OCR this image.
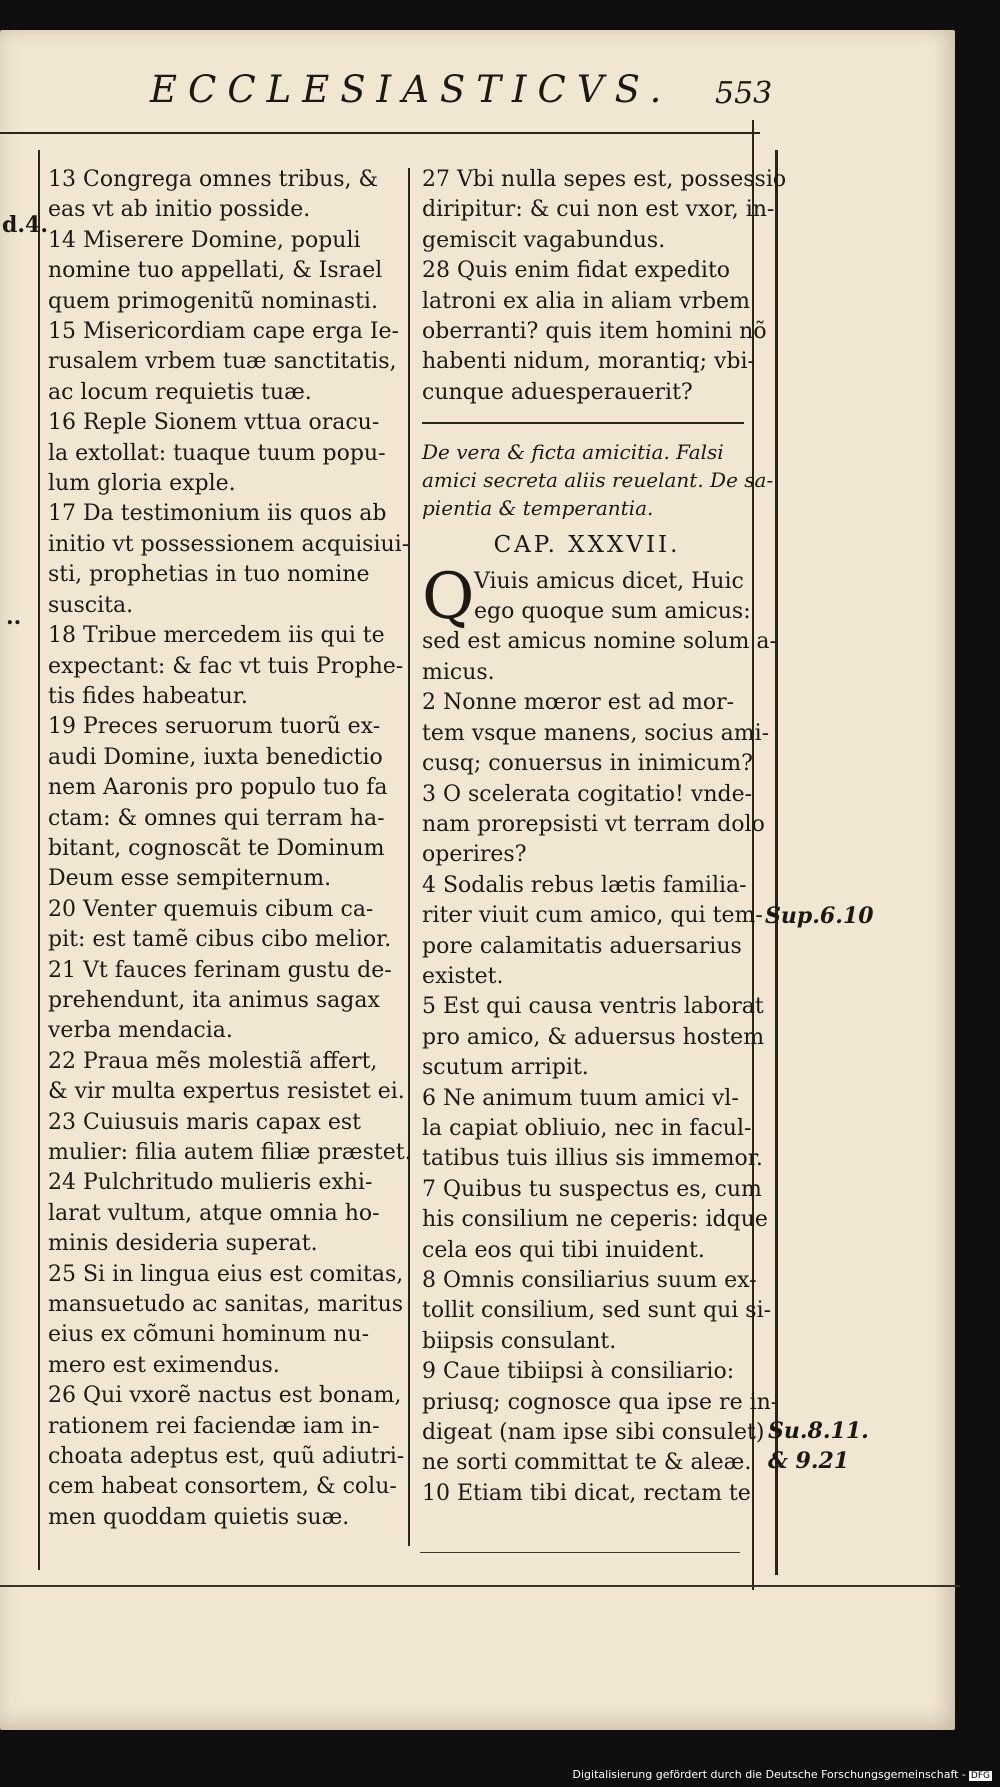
ECCLESIASTICVS. 553
d.4.
..

13 Congrega omnes tribus, &

eas vt ab initio posside.

14 Miserere Domine, populi

nomine tuo appellati, & Israel

quem primogenitũ nominasti.

15 Misericordiam cape erga Ie-

rusalem vrbem tuæ sanctitatis,

ac locum requietis tuæ.

16 Reple Sionem vttua oracu-

la extollat: tuaque tuum popu-

lum gloria exple.

17 Da testimonium iis quos ab

initio vt possessionem acquisiui-

sti, prophetias in tuo nomine

suscita.

18 Tribue mercedem iis qui te

expectant: & fac vt tuis Prophe-

tis fides habeatur.

19 Preces seruorum tuorũ ex-

audi Domine, iuxta benedictio

nem Aaronis pro populo tuo fa

ctam: & omnes qui terram ha-

bitant, cognoscãt te Dominum

Deum esse sempiternum.

20 Venter quemuis cibum ca-

pit: est tamẽ cibus cibo melior.

21 Vt fauces ferinam gustu de-

prehendunt, ita animus sagax

verba mendacia.

22 Praua mẽs molestiã affert,

& vir multa expertus resistet ei.

23 Cuiusuis maris capax est

mulier: filia autem filiæ præstet.

24 Pulchritudo mulieris exhi-

larat vultum, atque omnia ho-

minis desideria superat.

25 Si in lingua eius est comitas,

mansuetudo ac sanitas, maritus

eius ex cõmuni hominum nu-

mero est eximendus.

26 Qui vxorẽ nactus est bonam,

rationem rei faciendæ iam in-

choata adeptus est, quũ adiutri-

cem habeat consortem, & colu-

men quoddam quietis suæ.

27 Vbi nulla sepes est, possessio

diripitur: & cui non est vxor, in-

gemiscit vagabundus.

28 Quis enim fidat expedito

latroni ex alia in aliam vrbem

oberranti? quis item homini nõ

habenti nidum, morantiq; vbi-

cunque aduesperauerit?

De vera & ficta amicitia. Falsi

amici secreta aliis reuelant. De sa-

pientia & temperantia.

CAP. XXXVII.

Q Viuis amicus dicet, Huic

ego quoque sum amicus:

sed est amicus nomine solum a-

micus.

2 Nonne mœror est ad mor-

tem vsque manens, socius ami-

cusq; conuersus in inimicum?

3 O scelerata cogitatio! vnde-

nam prorepsisti vt terram dolo

operires?

4 Sodalis rebus lætis familia-

riter viuit cum amico, qui tem-

pore calamitatis aduersarius

existet.

5 Est qui causa ventris laborat

pro amico, & aduersus hostem

scutum arripit.

6 Ne animum tuum amici vl-

la capiat obliuio, nec in facul-

tatibus tuis illius sis immemor.

7 Quibus tu suspectus es, cum

his consilium ne ceperis: idque

cela eos qui tibi inuident.

8 Omnis consiliarius suum ex-

tollit consilium, sed sunt qui si-

biipsis consulant.

9 Caue tibiipsi à consiliario:

priusq; cognosce qua ipse re in-

digeat (nam ipse sibi consulet)

ne sorti committat te & aleæ.

10 Etiam tibi dicat, rectam te

Sup.6.10
Su.8.11.
& 9.21
Digitalisierung gefördert durch die Deutsche Forschungsgemeinschaft - DFG
